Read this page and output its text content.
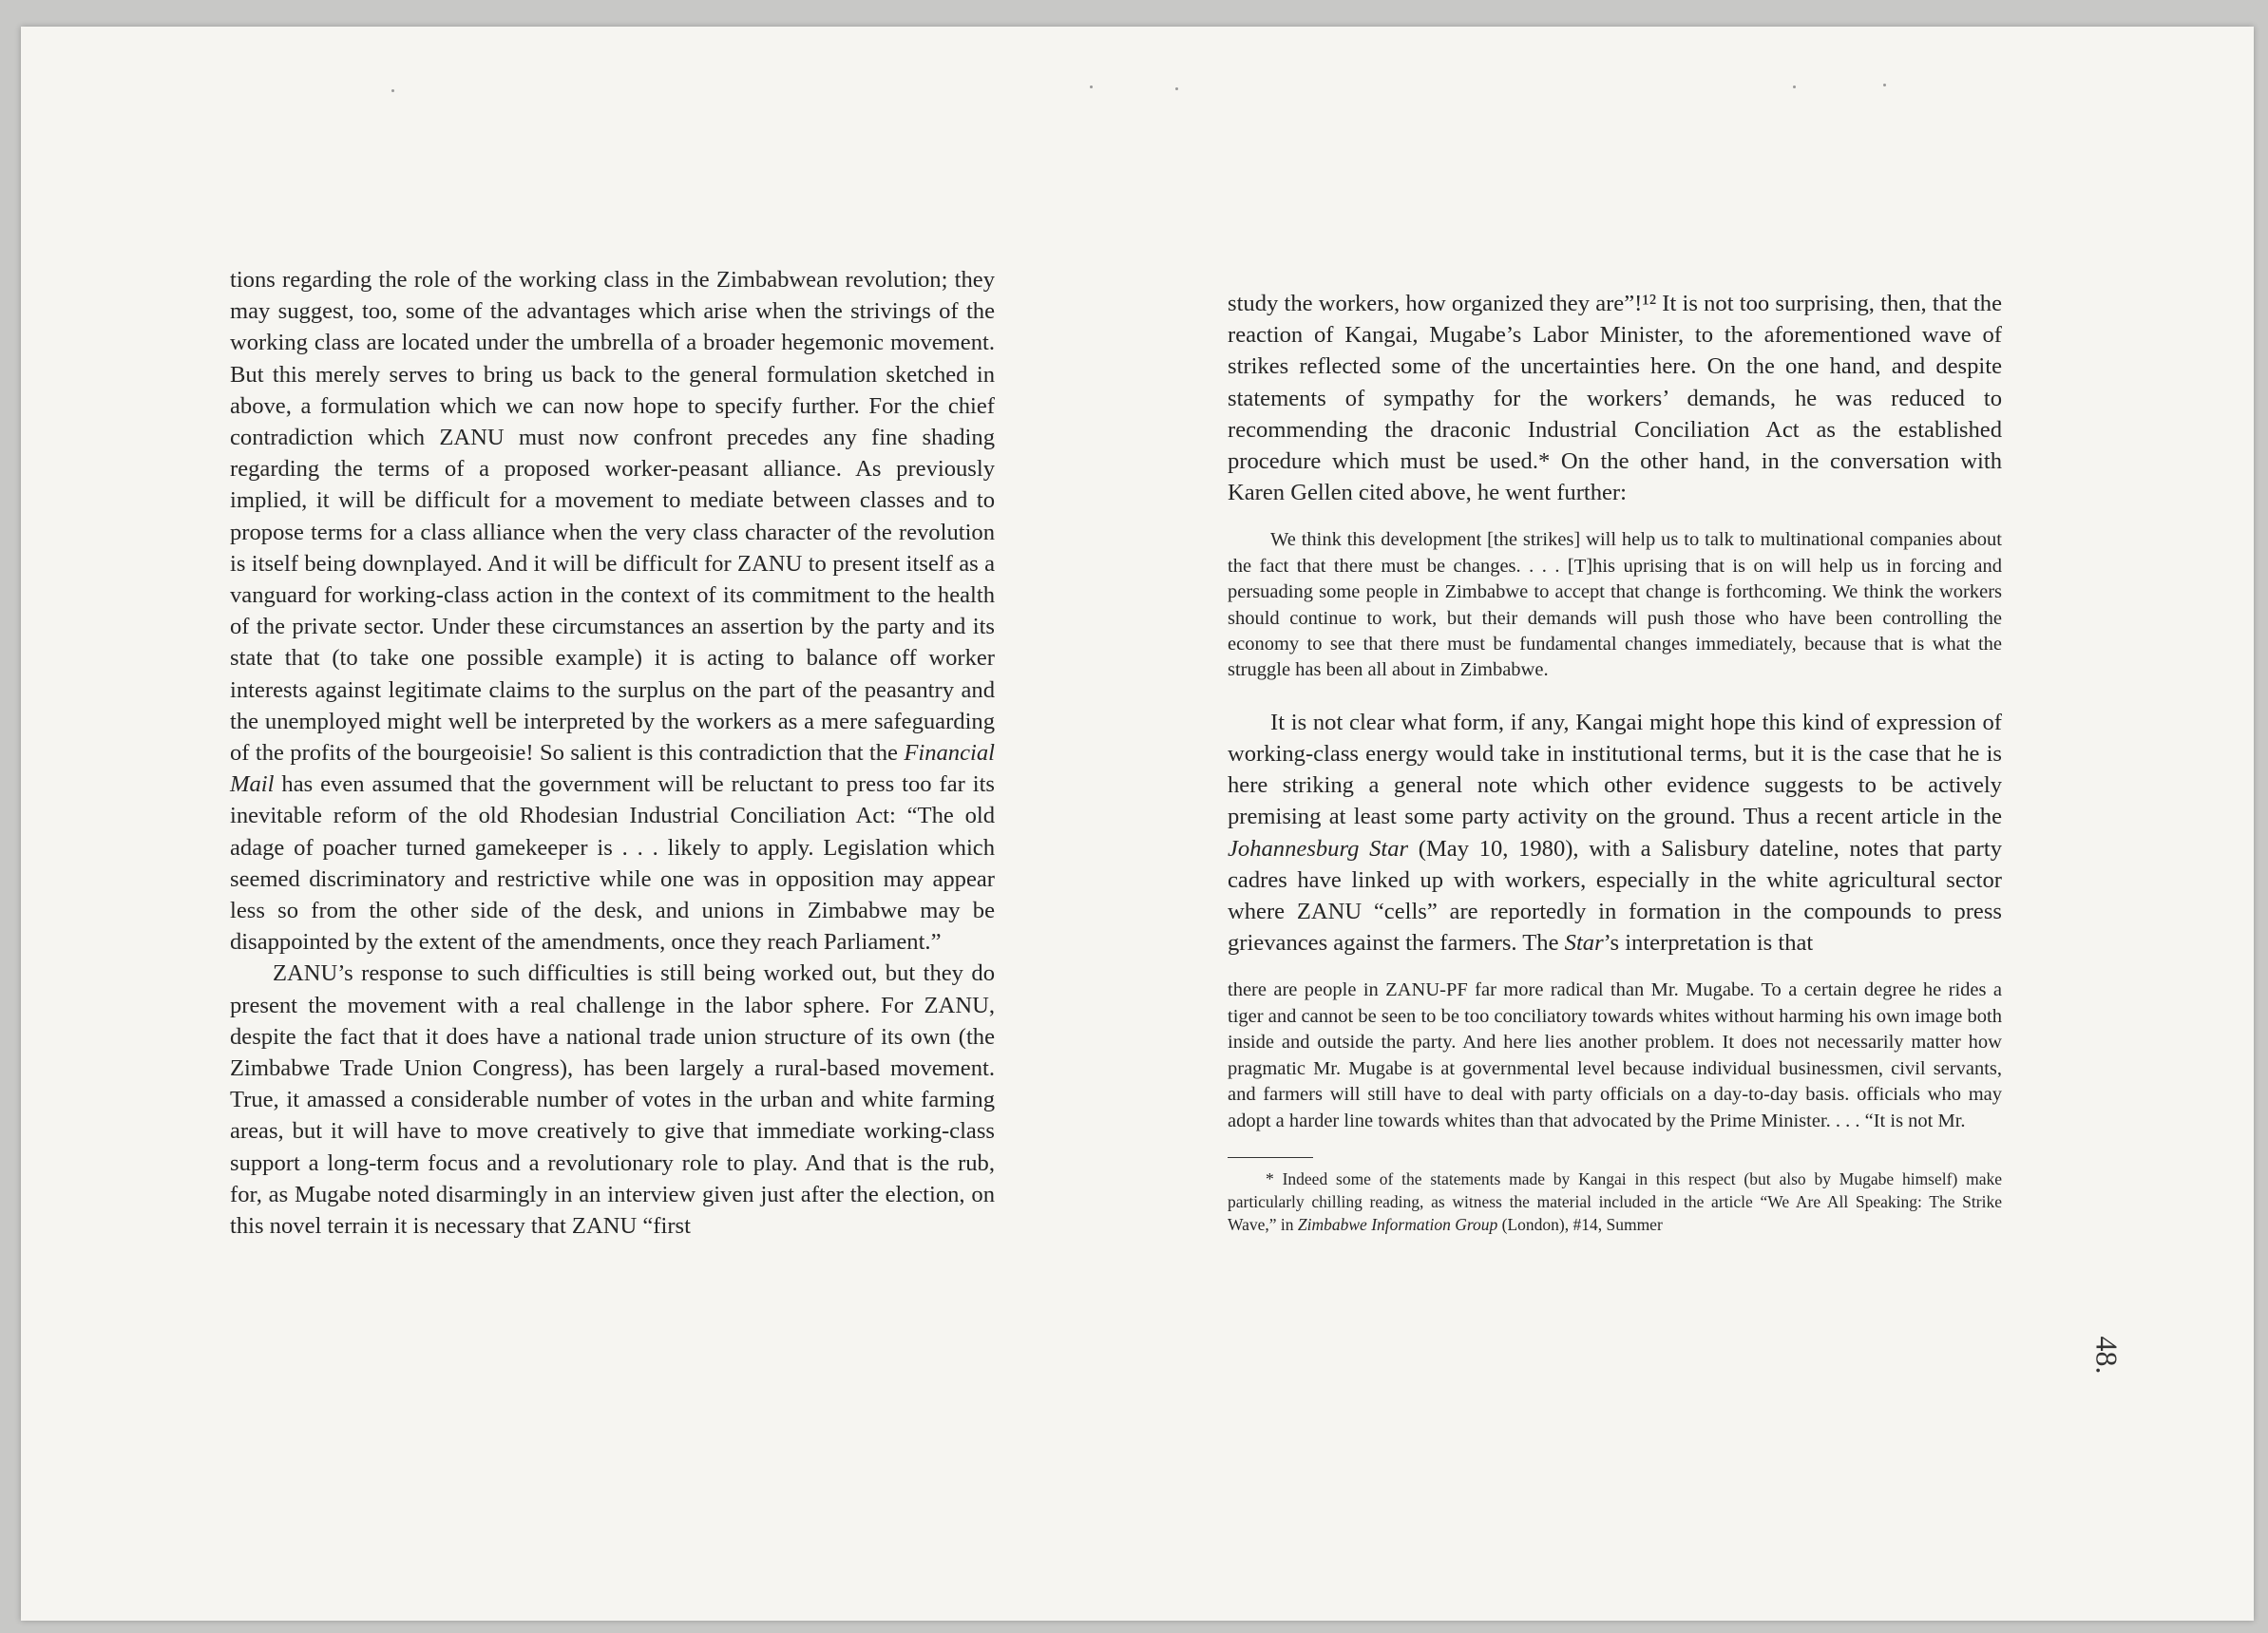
tions regarding the role of the working class in the Zimbabwean revolution; they may suggest, too, some of the advantages which arise when the strivings of the working class are located under the umbrella of a broader hegemonic movement. But this merely serves to bring us back to the general formulation sketched in above, a formulation which we can now hope to specify further. For the chief contradiction which ZANU must now confront precedes any fine shading regarding the terms of a proposed worker-peasant alliance. As previously implied, it will be difficult for a movement to mediate between classes and to propose terms for a class alliance when the very class character of the revolution is itself being downplayed. And it will be difficult for ZANU to present itself as a vanguard for working-class action in the context of its commitment to the health of the private sector. Under these circumstances an assertion by the party and its state that (to take one possible example) it is acting to balance off worker interests against legitimate claims to the surplus on the part of the peasantry and the unemployed might well be interpreted by the workers as a mere safeguarding of the profits of the bourgeoisie! So salient is this contradiction that the Financial Mail has even assumed that the government will be reluctant to press too far its inevitable reform of the old Rhodesian Industrial Conciliation Act: “The old adage of poacher turned gamekeeper is . . . likely to apply. Legislation which seemed discriminatory and restrictive while one was in opposition may appear less so from the other side of the desk, and unions in Zimbabwe may be disappointed by the extent of the amendments, once they reach Parliament.”

ZANU’s response to such difficulties is still being worked out, but they do present the movement with a real challenge in the labor sphere. For ZANU, despite the fact that it does have a national trade union structure of its own (the Zimbabwe Trade Union Congress), has been largely a rural-based movement. True, it amassed a considerable number of votes in the urban and white farming areas, but it will have to move creatively to give that immediate working-class support a long-term focus and a revolutionary role to play. And that is the rub, for, as Mugabe noted disarmingly in an interview given just after the election, on this novel terrain it is necessary that ZANU “first

study the workers, how organized they are”!¹² It is not too surprising, then, that the reaction of Kangai, Mugabe’s Labor Minister, to the aforementioned wave of strikes reflected some of the uncertainties here. On the one hand, and despite statements of sympathy for the workers’ demands, he was reduced to recommending the draconic Industrial Conciliation Act as the established procedure which must be used.* On the other hand, in the conversation with Karen Gellen cited above, he went further:

We think this development [the strikes] will help us to talk to multinational companies about the fact that there must be changes. . . . [T]his uprising that is on will help us in forcing and persuading some people in Zimbabwe to accept that change is forthcoming. We think the workers should continue to work, but their demands will push those who have been controlling the economy to see that there must be fundamental changes immediately, because that is what the struggle has been all about in Zimbabwe.

It is not clear what form, if any, Kangai might hope this kind of expression of working-class energy would take in institutional terms, but it is the case that he is here striking a general note which other evidence suggests to be actively premising at least some party activity on the ground. Thus a recent article in the Johannesburg Star (May 10, 1980), with a Salisbury dateline, notes that party cadres have linked up with workers, especially in the white agricultural sector where ZANU “cells” are reportedly in formation in the compounds to press grievances against the farmers. The Star’s interpretation is that

there are people in ZANU-PF far more radical than Mr. Mugabe. To a certain degree he rides a tiger and cannot be seen to be too conciliatory towards whites without harming his own image both inside and outside the party. And here lies another problem. It does not necessarily matter how pragmatic Mr. Mugabe is at governmental level because individual businessmen, civil servants, and farmers will still have to deal with party officials on a day-to-day basis. officials who may adopt a harder line towards whites than that advocated by the Prime Minister. . . . “It is not Mr.

* Indeed some of the statements made by Kangai in this respect (but also by Mugabe himself) make particularly chilling reading, as witness the material included in the article “We Are All Speaking: The Strike Wave,” in Zimbabwe Information Group (London), #14, Summer

48.
